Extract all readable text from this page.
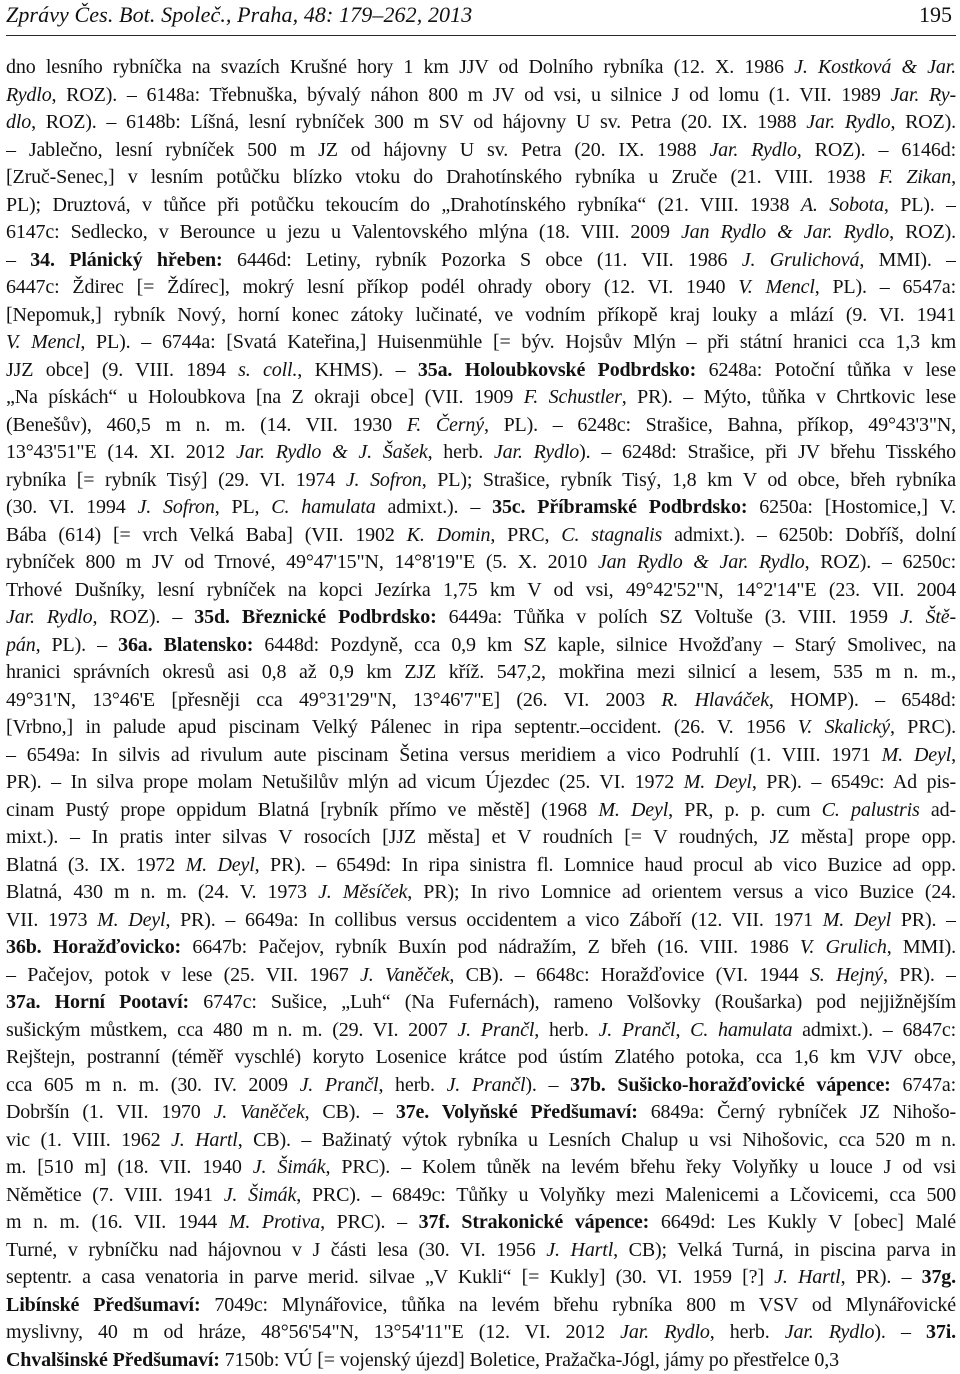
Zprávy Čes. Bot. Společ., Praha, 48: 179–262, 2013	195
dno lesního rybníčka na svazích Krušné hory 1 km JJV od Dolního rybníka (12. X. 1986 J. Kostková & Jar.
Rydlo, ROZ). – 6148a: Třebnuška, bývalý náhon 800 m JV od vsi, u silnice J od lomu (1. VII. 1989 Jar. Ry-
dlo, ROZ). – 6148b: Líšná, lesní rybníček 300 m SV od hájovny U sv. Petra (20. IX. 1988 Jar. Rydlo, ROZ).
– Jablečno, lesní rybníček 500 m JZ od hájovny U sv. Petra (20. IX. 1988 Jar. Rydlo, ROZ). – 6146d:
[Zruč-Senec,] v lesním potůčku blízko vtoku do Drahotínského rybníka u Zruče (21. VIII. 1938 F. Zikan,
PL); Druztová, v tůňce při potůčku tekoucím do „Drahotínského rybníka“ (21. VIII. 1938 A. Sobota, PL). –
6147c: Sedlecko, v Berounce u jezu u Valentovského mlýna (18. VIII. 2009 Jan Rydlo & Jar. Rydlo, ROZ).
– 34. Plánický hřeben: 6446d: Letiny, rybník Pozorka S obce (11. VII. 1986 J. Grulichová, MMI). –
6447c: Ždirec [= Ždírec], mokrý lesní příkop podél ohrady obory (12. VI. 1940 V. Mencl, PL). – 6547a:
[Nepomuk,] rybník Nový, horní konec zátoky lučinaté, ve vodním příkopě kraj louky a mlází (9. VI. 1941
V. Mencl, PL). – 6744a: [Svatá Kateřina,] Huisenmühle [= býv. Hojsův Mlýn – při státní hranici cca 1,3 km
JJZ obce] (9. VIII. 1894 s. coll., KHMS). – 35a. Holoubkovské Podbrdsko: 6248a: Potoční tůňka v lese
„Na pískách“ u Holoubkova [na Z okraji obce] (VII. 1909 F. Schustler, PR). – Mýto, tůňka v Chrtkovic lese
(Benešův), 460,5 m n. m. (14. VII. 1930 F. Černý, PL). – 6248c: Strašice, Bahna, příkop, 49°43'3"N,
13°43'51"E (14. XI. 2012 Jar. Rydlo & J. Šašek, herb. Jar. Rydlo). – 6248d: Strašice, při JV břehu Tisského
rybníka [= rybník Tisý] (29. VI. 1974 J. Sofron, PL); Strašice, rybník Tisý, 1,8 km V od obce, břeh rybníka
(30. VI. 1994 J. Sofron, PL, C. hamulata admixt.). – 35c. Příbramské Podbrdsko: 6250a: [Hostomice,] V.
Bába (614) [= vrch Velká Baba] (VII. 1902 K. Domin, PRC, C. stagnalis admixt.). – 6250b: Dobříš, dolní
rybníček 800 m JV od Trnové, 49°47'15"N, 14°8'19"E (5. X. 2010 Jan Rydlo & Jar. Rydlo, ROZ). – 6250c:
Trhové Dušníky, lesní rybníček na kopci Jezírka 1,75 km V od vsi, 49°42'52"N, 14°2'14"E (23. VII. 2004
Jar. Rydlo, ROZ). – 35d. Březnické Podbrdsko: 6449a: Tůňka v polích SZ Voltuše (3. VIII. 1959 J. Ště-
pán, PL). – 36a. Blatensko: 6448d: Pozdyně, cca 0,9 km SZ kaple, silnice Hvožďany – Starý Smolivec, na
hranici správních okresů asi 0,8 až 0,9 km ZJZ kříž. 547,2, mokřina mezi silnicí a lesem, 535 m n. m.,
49°31'N, 13°46'E [přesněji cca 49°31'29"N, 13°46'7"E] (26. VI. 2003 R. Hlaváček, HOMP). – 6548d:
[Vrbno,] in palude apud piscinam Velký Pálenec in ripa septentr.–occident. (26. V. 1956 V. Skalický, PRC).
– 6549a: In silvis ad rivulum aute piscinam Šetina versus meridiem a vico Podruhlí (1. VIII. 1971 M. Deyl,
PR). – In silva prope molam Netušilův mlýn ad vicum Újezdec (25. VI. 1972 M. Deyl, PR). – 6549c: Ad pis-
cinam Pustý prope oppidum Blatná [rybník přímo ve městě] (1968 M. Deyl, PR, p. p. cum C. palustris ad-
mixt.). – In pratis inter silvas V rosocích [JJZ města] et V roudních [= V roudných, JZ města] prope opp.
Blatná (3. IX. 1972 M. Deyl, PR). – 6549d: In ripa sinistra fl. Lomnice haud procul ab vico Buzice ad opp.
Blatná, 430 m n. m. (24. V. 1973 J. Měsíček, PR); In rivo Lomnice ad orientem versus a vico Buzice (24.
VII. 1973 M. Deyl, PR). – 6649a: In collibus versus occidentem a vico Záboří (12. VII. 1971 M. Deyl PR). –
36b. Horažďovicko: 6647b: Pačejov, rybník Buxín pod nádražím, Z břeh (16. VIII. 1986 V. Grulich, MMI).
– Pačejov, potok v lese (25. VII. 1967 J. Vaněček, CB). – 6648c: Horažďovice (VI. 1944 S. Hejný, PR). –
37a. Horní Pootaví: 6747c: Sušice, „Luh“ (Na Fufernách), rameno Volšovky (Roušarka) pod nejjižnějším
sušickým můstkem, cca 480 m n. m. (29. VI. 2007 J. Prančl, herb. J. Prančl, C. hamulata admixt.). – 6847c:
Rejštejn, postranní (téměř vyschlé) koryto Losenice krátce pod ústím Zlatého potoka, cca 1,6 km VJV obce,
cca 605 m n. m. (30. IV. 2009 J. Prančl, herb. J. Prančl). – 37b. Sušicko-horažďovické vápence: 6747a:
Dobršín (1. VII. 1970 J. Vaněček, CB). – 37e. Volyňské Předšumaví: 6849a: Černý rybníček JZ Nihošo-
vic (1. VIII. 1962 J. Hartl, CB). – Bažinatý výtok rybníka u Lesních Chalup u vsi Nihošovic, cca 520 m n.
m. [510 m] (18. VII. 1940 J. Šimák, PRC). – Kolem tůněk na levém břehu řeky Volyňky u louce J od vsi
Němětice (7. VIII. 1941 J. Šimák, PRC). – 6849c: Tůňky u Volyňky mezi Malenicemi a Lčovicemi, cca 500
m n. m. (16. VII. 1944 M. Protiva, PRC). – 37f. Strakonické vápence: 6649d: Les Kukly V [obec] Malé
Turné, v rybníčku nad hájovnou v J části lesa (30. VI. 1956 J. Hartl, CB); Velká Turná, in piscina parva in
septentr. a casa venatoria in parve merid. silvae „V Kukli“ [= Kukly] (30. VI. 1959 [?] J. Hartl, PR). – 37g.
Libínské Předšumaví: 7049c: Mlynářovice, tůňka na levém břehu rybníka 800 m VSV od Mlynářovické
myslivny, 40 m od hráze, 48°56'54"N, 13°54'11"E (12. VI. 2012 Jar. Rydlo, herb. Jar. Rydlo). – 37i.
Chvalšinské Předšumaví: 7150b: VÚ [= vojenský újezd] Boletice, Pražačka-Jógl, jámy po přestřelce 0,3
